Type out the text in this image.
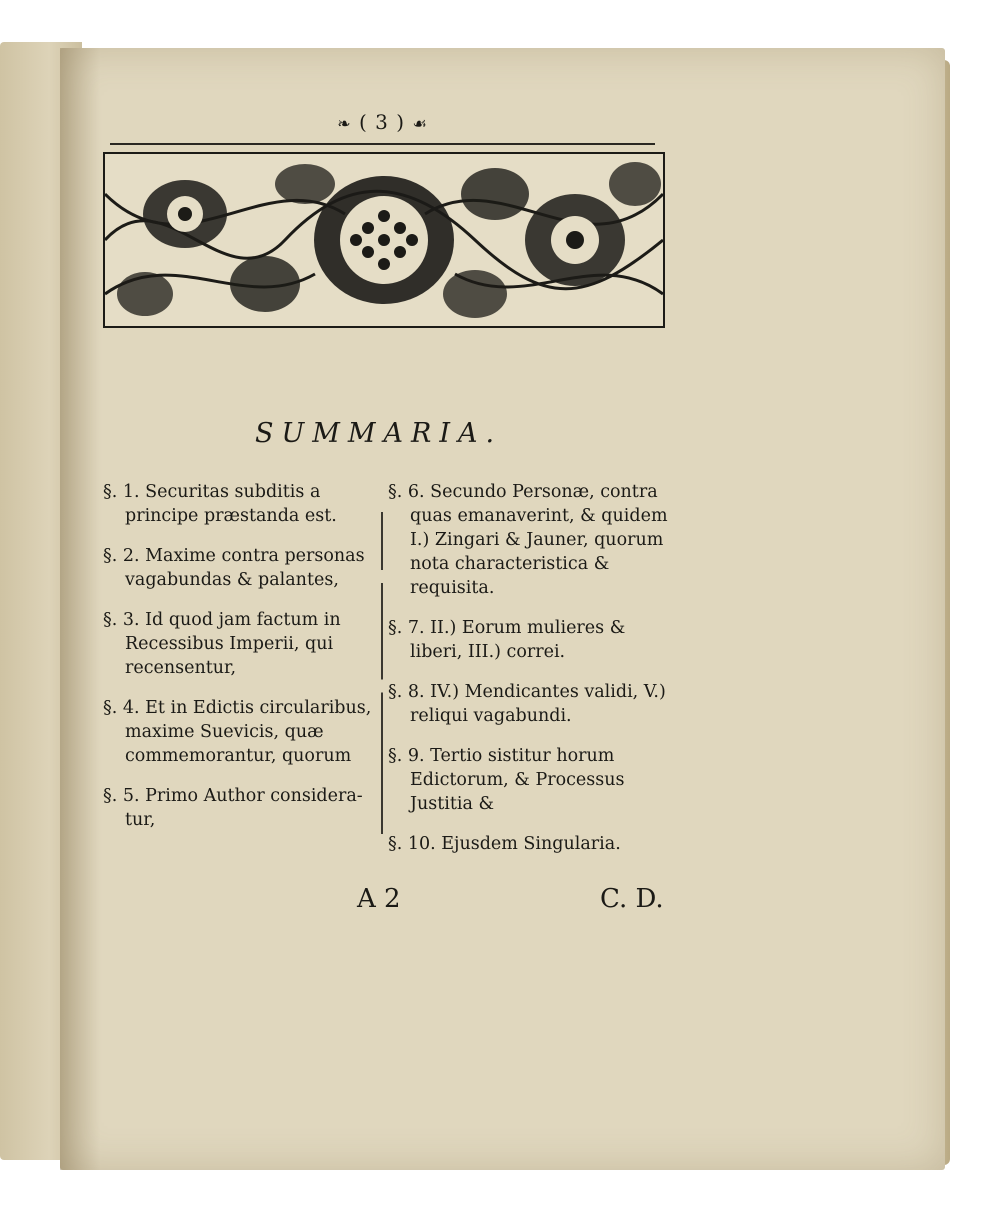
❧ ( 3 ) ☙
SUMMARIA.
§. 1. Securitas subditis a principe præstanda est.
§. 2. Maxime contra personas vagabundas & palantes,
§. 3. Id quod jam factum in Recessibus Imperii, qui recensentur,
§. 4. Et in Edictis circularibus, maxime Suevicis, quæ commemorantur, quorum
§. 5. Primo Author considera-tur,
§. 6. Secundo Personæ, contra quas emanaverint, & quidem I.) Zingari & Jauner, quorum nota characteristica & requisita.
§. 7. II.) Eorum mulieres & liberi, III.) correi.
§. 8. IV.) Mendicantes validi, V.) reliqui vagabundi.
§. 9. Tertio sistitur horum Edictorum, & Processus Justitia &
§. 10. Ejusdem Singularia.
A 2	C. D.
